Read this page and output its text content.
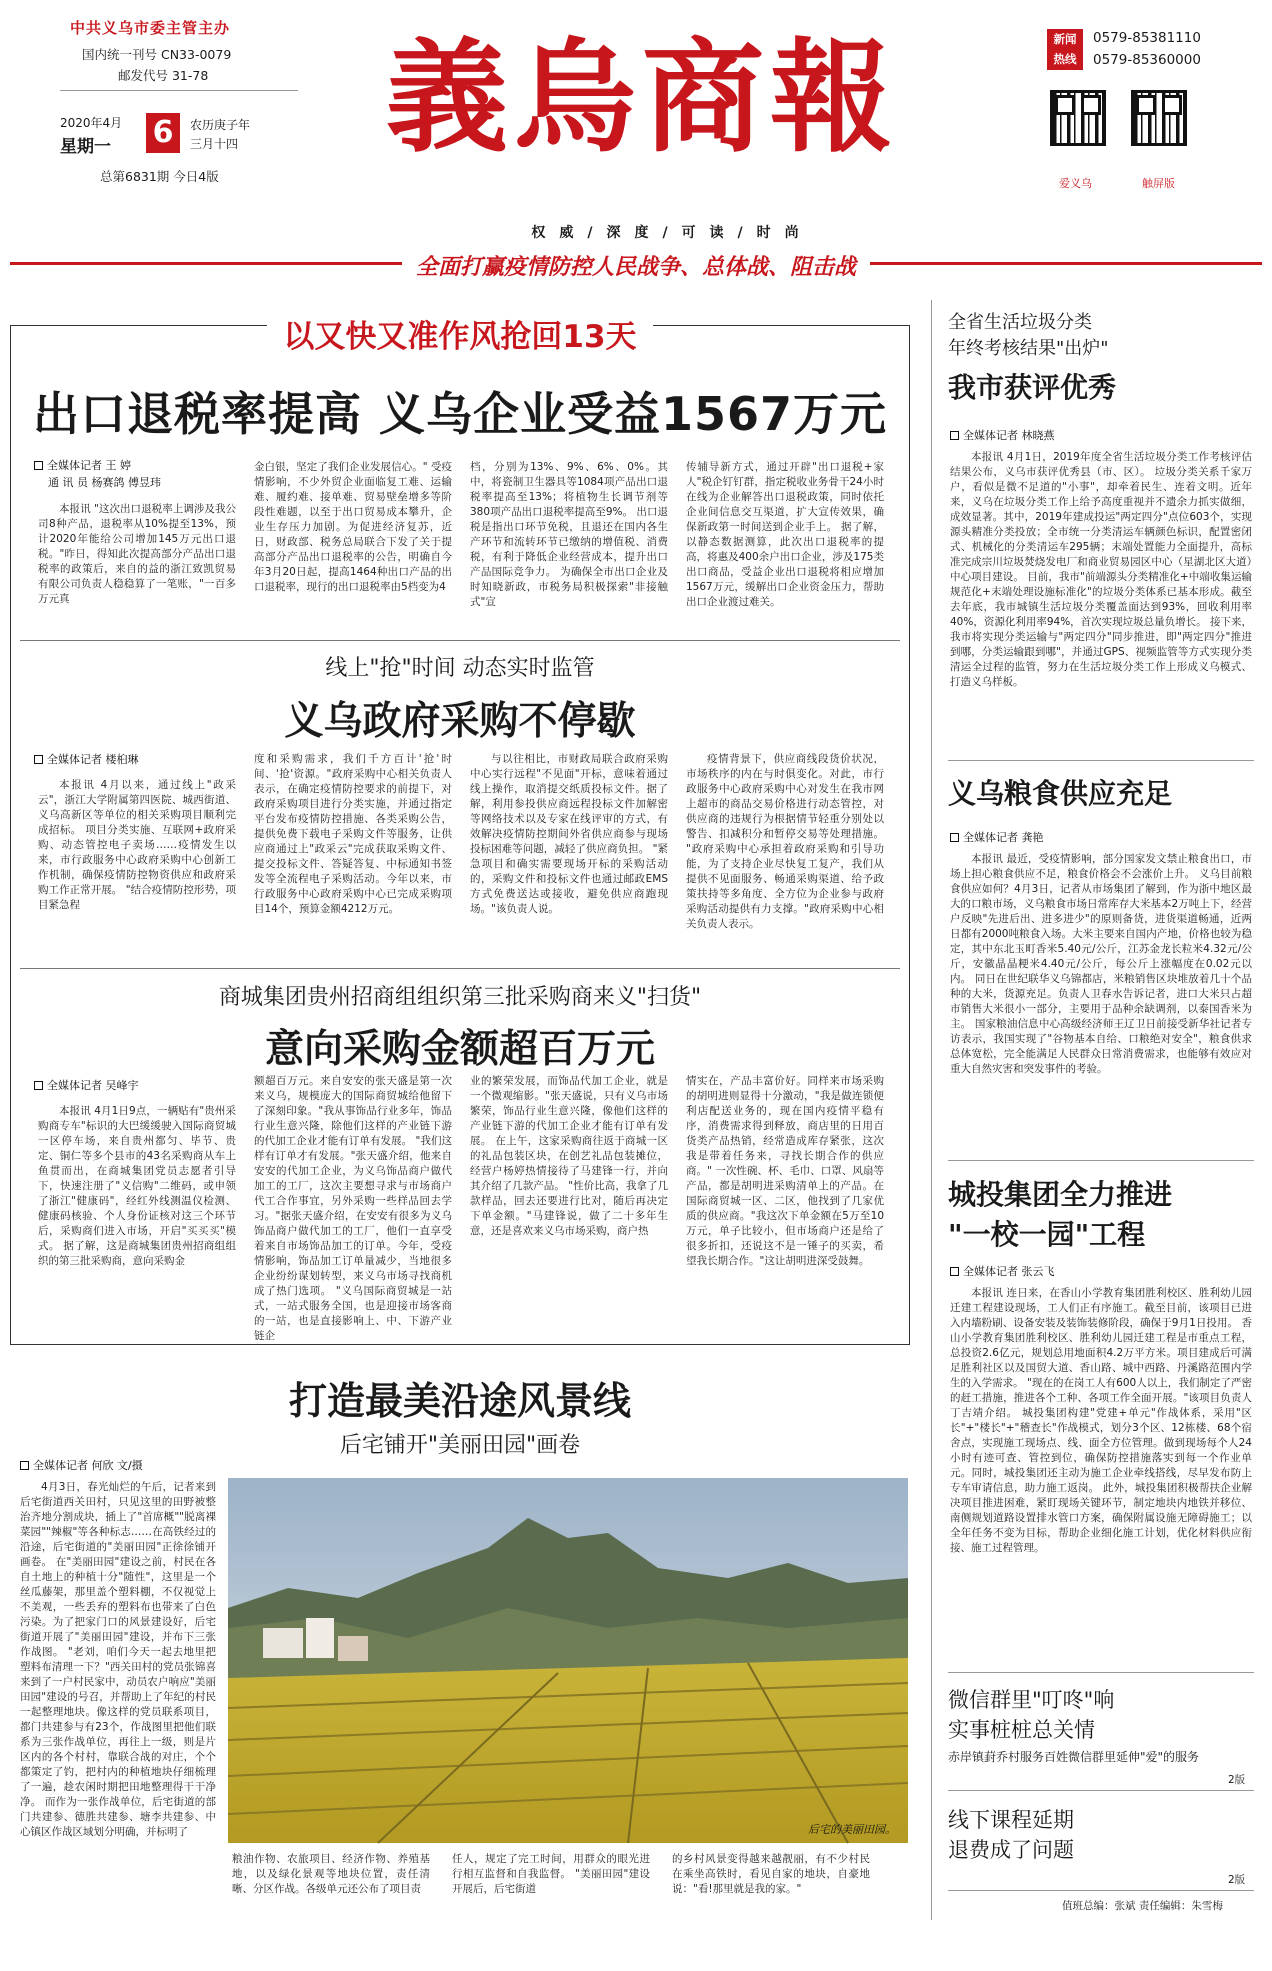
中共义乌市委主管主办
国内统一刊号 CN33-0079
邮发代号 31-78
2020年4月
星期一 6	农历庚子年
三月十四
总第6831期 今日4版
義烏商報
权　威　/　深　度　/　可　读　/　时　尚
新闻
热线
0579-85381110
0579-85360000
爱义乌	触屏版
全面打赢疫情防控人民战争、总体战、阻击战
以又快又准作风抢回13天
出口退税率提高 义乌企业受益1567万元
全媒体记者 王 婷
通 讯 员 杨赛鸽 傅昱玮
本报讯 "这次出口退税率上调涉及我公司8种产品，退税率从10%提至13%，预计2020年能给公司增加145万元出口退税。"昨日，得知此次提高部分产品出口退税率的政策后，来自的益的浙江致凯贸易有限公司负责人稳稳算了一笔账，"一百多万元真
金白银，坚定了我们企业发展信心。" 受疫情影响，不少外贸企业面临复工难、运输难、履约难、接单难、贸易壁垒增多等阶段性难题，以至于出口贸易成本攀升，企业生存压力加剧。为促进经济复苏，近日，财政部、税务总局联合下发了关于提高部分产品出口退税率的公告，明确自今年3月20日起，提高1464种出口产品的出口退税率，现行的出口退税率由5档变为4
档，分别为13%、9%、6%、0%。其中，将瓷制卫生器具等1084项产品出口退税率提高至13%；将植物生长调节剂等380项产品出口退税率提高至9%。 出口退税是指出口环节免税，且退还在国内各生产环节和流转环节已缴纳的增值税、消费税，有利于降低企业经营成本，提升出口产品国际竞争力。 为确保全市出口企业及时知晓新政，市税务局积极探索"非接触式"宣
传辅导新方式，通过开辟"出口退税+家人"税企钉钉群，指定税收业务骨干24小时在线为企业解答出口退税政策，同时依托企业间信息交互渠道，扩大宣传效果，确保新政第一时间送到企业手上。 据了解，以静态数据测算，此次出口退税率的提高，将惠及400余户出口企业，涉及175类出口商品，受益企业出口退税将相应增加1567万元，缓解出口企业资金压力，帮助出口企业渡过难关。
线上"抢"时间 动态实时监管
义乌政府采购不停歇
全媒体记者 楼桕琳
本报讯 4月以来，通过线上"政采云"，浙江大学附属第四医院、城西街道、义乌高新区等单位的相关采购项目顺利完成招标。 项目分类实施、互联网+政府采购、动态管控电子卖场……疫情发生以来，市行政服务中心政府采购中心创新工作机制，确保疫情防控物资供应和政府采购工作正常开展。 "结合疫情防控形势，项目紧急程
度和采购需求，我们千方百计'抢'时间、'抢'资源。"政府采购中心相关负责人表示，在确定疫情防控要求的前提下，对政府采购项目进行分类实施，并通过指定平台发布疫情防控措施、各类采购公告，提供免费下载电子采购文件等服务，让供应商通过上"政采云"完成获取采购文件、提交投标文件、答疑答复、中标通知书签发等全流程电子采购活动。今年以来，市行政服务中心政府采购中心已完成采购项目14个，预算金额4212万元。
与以往相比，市财政局联合政府采购中心实行远程"不见面"开标，意味着通过线上操作，取消提交纸质投标文件。据了解，利用参投供应商远程投标文件加解密等网络技术以及专家在线评审的方式，有效解决疫情防控期间外省供应商参与现场投标困难等问题，减轻了供应商负担。 "紧急项目和确实需要现场开标的采购活动的，采购文件和投标文件也通过邮政EMS方式免费送达或接收，避免供应商跑现场。"该负责人说。
疫情背景下，供应商线段货价状况，市场秩序的内在与时俱变化。对此，市行政服务中心政府采购中心对发生在我市网上超市的商品交易价格进行动态管控，对供应商的违规行为根据情节轻重分别处以警告、扣减积分和暂停交易等处理措施。 "政府采购中心承担着政府采购和引导功能，为了支持企业尽快复工复产，我们从提供不见面服务、畅通采购渠道、给予政策扶持等多角度、全方位为企业参与政府采购活动提供有力支撑。"政府采购中心相关负责人表示。
商城集团贵州招商组组织第三批采购商来义"扫货"
意向采购金额超百万元
全媒体记者 吴峰宇
本报讯 4月1日9点，一辆贴有"贵州采购商专车"标识的大巴缓缓驶入国际商贸城一区停车场，来自贵州都匀、毕节、贵定、铜仁等多个县市的43名采购商从车上鱼贯而出，在商城集团党员志愿者引导下，快速注册了"义信购"二维码，或申领了浙江"健康码"，经红外线测温仪检测、健康码核验、个人身份证核对这三个环节后，采购商们进入市场，开启"买买买"模式。 据了解，这是商城集团贵州招商组组织的第三批采购商，意向采购金
额超百万元。来自安安的张天盛是第一次来义乌，规模庞大的国际商贸城给他留下了深刻印象。"我从事饰品行业多年，饰品行业生意兴隆，除他们这样的产业链下游的代加工企业才能有订单有发展。 "我们这样有订单才有发展。"张天盛介绍，他来自安安的代加工企业，为义乌饰品商户做代加工的工厂，这次主要想寻求与市场商户代工合作事宜，另外采购一些样品回去学习。"据张天盛介绍，在安安有很多为义乌饰品商户做代加工的工厂，他们一直享受着来自市场饰品加工的订单。今年，受疫情影响，饰品加工订单量减少，当地很多企业纷纷谋划转型，来义乌市场寻找商机成了热门选项。 "义乌国际商贸城是一站式，一站式服务全国，也是迎接市场客商的一站，也是直接影响上、中、下游产业链企
业的繁荣发展，而饰品代加工企业，就是一个微观缩影。"张天盛说，只有义乌市场繁荣，饰品行业生意兴隆，像他们这样的产业链下游的代加工企业才能有订单有发展。 在上午，这家采购商往返于商城一区的礼品包装区块，在创艺礼品包装摊位，经营户杨婷热情接待了马建锋一行，并向其介绍了几款产品。 "性价比高，我拿了几款样品，回去还要进行比对，随后再决定下单金额。"马建锋说，做了二十多年生意，还是喜欢来义乌市场采购，商户热
情实在，产品丰富价好。同样来市场采购的胡明进则显得十分激动，"我是做连锁便利店配送业务的，现在国内疫情平稳有序，消费需求得到释放，商店里的日用百货类产品热销，经常造成库存紧张，这次我是带着任务来，寻找长期合作的供应商。" 一次性碗、杯、毛巾、口罩、风扇等产品，都是胡明进采购清单上的产品。在国际商贸城一区、二区，他找到了几家优质的供应商。"我这次下单金额在5万至10万元，单子比较小，但市场商户还是给了很多折扣，还说这不是一锤子的买卖，希望我长期合作。"这让胡明进深受鼓舞。
打造最美沿途风景线
后宅铺开"美丽田园"画卷
全媒体记者 何欣 文/摄
4月3日，春光灿烂的午后，记者来到后宅街道西关田村，只见这里的田野被整治齐地分割成块，插上了"首席概""脱离裸菜园""辣椒"等各种标志……在高铁经过的沿途，后宅街道的"美丽田园"正徐徐铺开画卷。 在"美丽田园"建设之前，村民在各自土地上的种植十分"随性"，这里是一个丝瓜藤架，那里盖个塑料棚，不仅视觉上不美观，一些丢弃的塑料布也带来了白色污染。为了把家门口的风景建设好，后宅街道开展了"美丽田园"建设，并布下三张作战图。 "老刘，咱们今天一起去地里把塑料布清理一下？"西关田村的党员张锦喜来到了一户村民家中，动员农户响应"美丽田园"建设的号召，并帮助上了年纪的村民一起整理地块。像这样的党员联系项目，都门共建参与有23个，作战图里把他们联系为三张作战单位，再往上一级，则是片区内的各个村村，靠联合战的对庄，个个都策定了钓，把村内的种植地块仔细梳理了一遍，趁农闲时期把田地整理得干干净净。 而作为一张作战单位，后宅街道的部门共建参、德胜共建参、塘李共建参、中心镇区作战区域划分明确，并标明了	后宅的美丽田园。
粮油作物、农旅项目、经济作物、养殖基地，以及绿化景观等地块位置，责任清晰、分区作战。各级单元还公布了项目责
任人，规定了完工时间，用群众的眼光进行相互监督和自我监督。 "美丽田园"建设开展后，后宅街道
的乡村风景变得越来越靓丽，有不少村民在乘坐高铁时，看见自家的地块，自豪地说："看!那里就是我的家。"
全省生活垃圾分类
年终考核结果"出炉"
我市获评优秀
全媒体记者 林晓燕
本报讯 4月1日，2019年度全省生活垃圾分类工作考核评估结果公布，义乌市获评优秀县（市、区）。 垃圾分类关系千家万户，看似是微不足道的"小事"，却牵着民生、连着文明。近年来，义乌在垃圾分类工作上给予高度重视并不遗余力抓实做细，成效显著。其中，2019年建成投运"两定四分"点位603个，实现源头精准分类投放；全市统一分类清运车辆颜色标识，配置密闭式、机械化的分类清运车295辆；末端处置能力全面提升，高标准完成宗川垃圾焚烧发电厂和商业贸易园区中心（星湖北区大道）中心项目建设。 目前，我市"前端源头分类精准化+中端收集运输规范化+末端处理设施标准化"的垃圾分类体系已基本形成。截至去年底，我市城镇生活垃圾分类覆盖面达到93%，回收利用率40%，资源化利用率94%，首次实现垃圾总量负增长。 接下来，我市将实现分类运输与"两定四分"同步推进，即"两定四分"推进到哪，分类运输跟到哪"，并通过GPS、视频监管等方式实现分类清运全过程的监管，努力在生活垃圾分类工作上形成义乌模式、打造义乌样板。
义乌粮食供应充足
全媒体记者 龚艳
本报讯 最近，受疫情影响，部分国家发文禁止粮食出口，市场上担心粮食供应不足，粮食价格会不会涨价上升。 义乌目前粮食供应如何？4月3日，记者从市场集团了解到，作为浙中地区最大的口粮市场，义乌粮食市场日常库存大米基本2万吨上下，经营户反映"先进后出、进多进少"的原则备货，进货渠道畅通，近两日都有2000吨粮食入场。大米主要来自国内产地，价格也较为稳定，其中东北玉町香米5.40元/公斤，江苏金龙长粒米4.32元/公斤，安徽晶晶粳米4.40元/公斤，每公斤上涨幅度在0.02元以内。 同日在世纪联华义乌锦都店，米粮销售区块堆放着几十个品种的大米，货源充足。负责人卫春水告诉记者，进口大米只占超市销售大米很小一部分，主要用于品种余缺调剂，以泰国香米为主。 国家粮油信息中心高级经济师王辽卫日前接受新华社记者专访表示，我国实现了"谷物基本自给、口粮绝对安全"，粮食供求总体宽松，完全能满足人民群众日常消费需求，也能够有效应对重大自然灾害和突发事件的考验。
城投集团全力推进
"一校一园"工程
全媒体记者 张云飞
本报讯 连日来，在香山小学教育集团胜利校区、胜利幼儿园迁建工程建设现场，工人们正有序施工。截至目前，该项目已进入内墙粉刷、设备安装及装饰装修阶段，确保于9月1日投用。 香山小学教育集团胜利校区、胜利幼儿园迁建工程是市重点工程，总投资2.6亿元，规划总用地面积4.2万平方米。项目建成后可满足胜利社区以及国贸大道、香山路、城中西路、丹溪路范围内学生的入学需求。 "现在的在岗工人有600人以上，我们制定了严密的赶工措施，推进各个工种、各项工作全面开展。"该项目负责人丁吉靖介绍。 城投集团构建"党建+单元"作战体系，采用"区长"+"楼长"+"稽查长"作战模式，划分3个区、12栋楼、68个宿舍点，实现施工现场点、线、面全方位管理。做到现场每个人24小时有迹可查、管控到位，确保防控措施落实到每一个作业单元。同时，城投集团还主动为施工企业牵线搭线，尽早发布防上专车审请信息，助力施工返岗。 此外，城投集团积极帮扶企业解决项目推进困难，紧盯现场关键环节，制定地块内地铁并移位、南侧规划道路设置排水管口方案，确保附属设施无障碍施工；以全年任务不变为目标，帮助企业细化施工计划，优化材料供应衔接、施工过程管理。
微信群里"叮咚"响
实事桩桩总关情
赤岸镇葑乔村服务百姓微信群里延伸"爱"的服务
2版
线下课程延期
退费成了问题
2版
值班总编：张斌 责任编辑：朱雪梅
